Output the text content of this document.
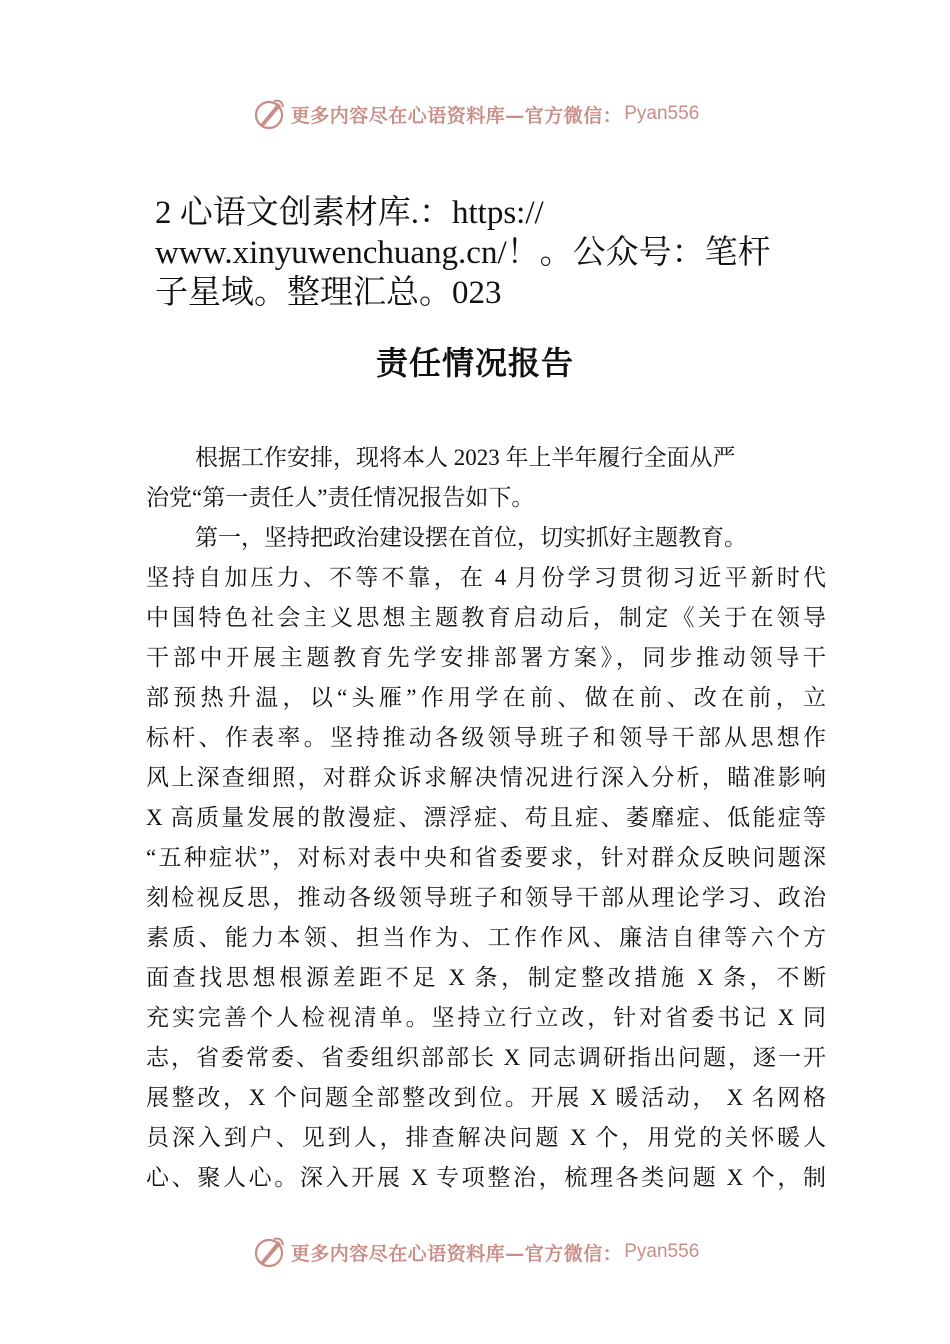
更多内容尽在心语资料库—官方微信： Pyan556
2 心语文创素材库.：https://
www.xinyuwenchuang.cn/！。公众号：笔杆
子星域。整理汇总。023
责任情况报告
根据工作安排，现将本人 2023 年上半年履行全面从严
治党“第一责任人”责任情况报告如下。
第一，坚持把政治建设摆在首位，切实抓好主题教育。
坚持自加压力、不等不靠，在 4 月份学习贯彻习近平新时代
中国特色社会主义思想主题教育启动后，制定《关于在领导
干部中开展主题教育先学安排部署方案》，同步推动领导干
部预热升温，以“头雁”作用学在前、做在前、改在前，立
标杆、作表率。坚持推动各级领导班子和领导干部从思想作
风上深查细照，对群众诉求解决情况进行深入分析，瞄准影响
X 高质量发展的散漫症、漂浮症、苟且症、萎靡症、低能症等
“五种症状”，对标对表中央和省委要求，针对群众反映问题深
刻检视反思，推动各级领导班子和领导干部从理论学习、政治
素质、能力本领、担当作为、工作作风、廉洁自律等六个方
面查找思想根源差距不足 X 条，制定整改措施 X 条，不断
充实完善个人检视清单。坚持立行立改，针对省委书记 X 同
志，省委常委、省委组织部部长 X 同志调研指出问题，逐一开
展整改，X 个问题全部整改到位。开展 X 暖活动， X 名网格
员深入到户、见到人，排查解决问题 X 个，用党的关怀暖人
心、聚人心。深入开展 X 专项整治，梳理各类问题 X 个，制
更多内容尽在心语资料库—官方微信： Pyan556
